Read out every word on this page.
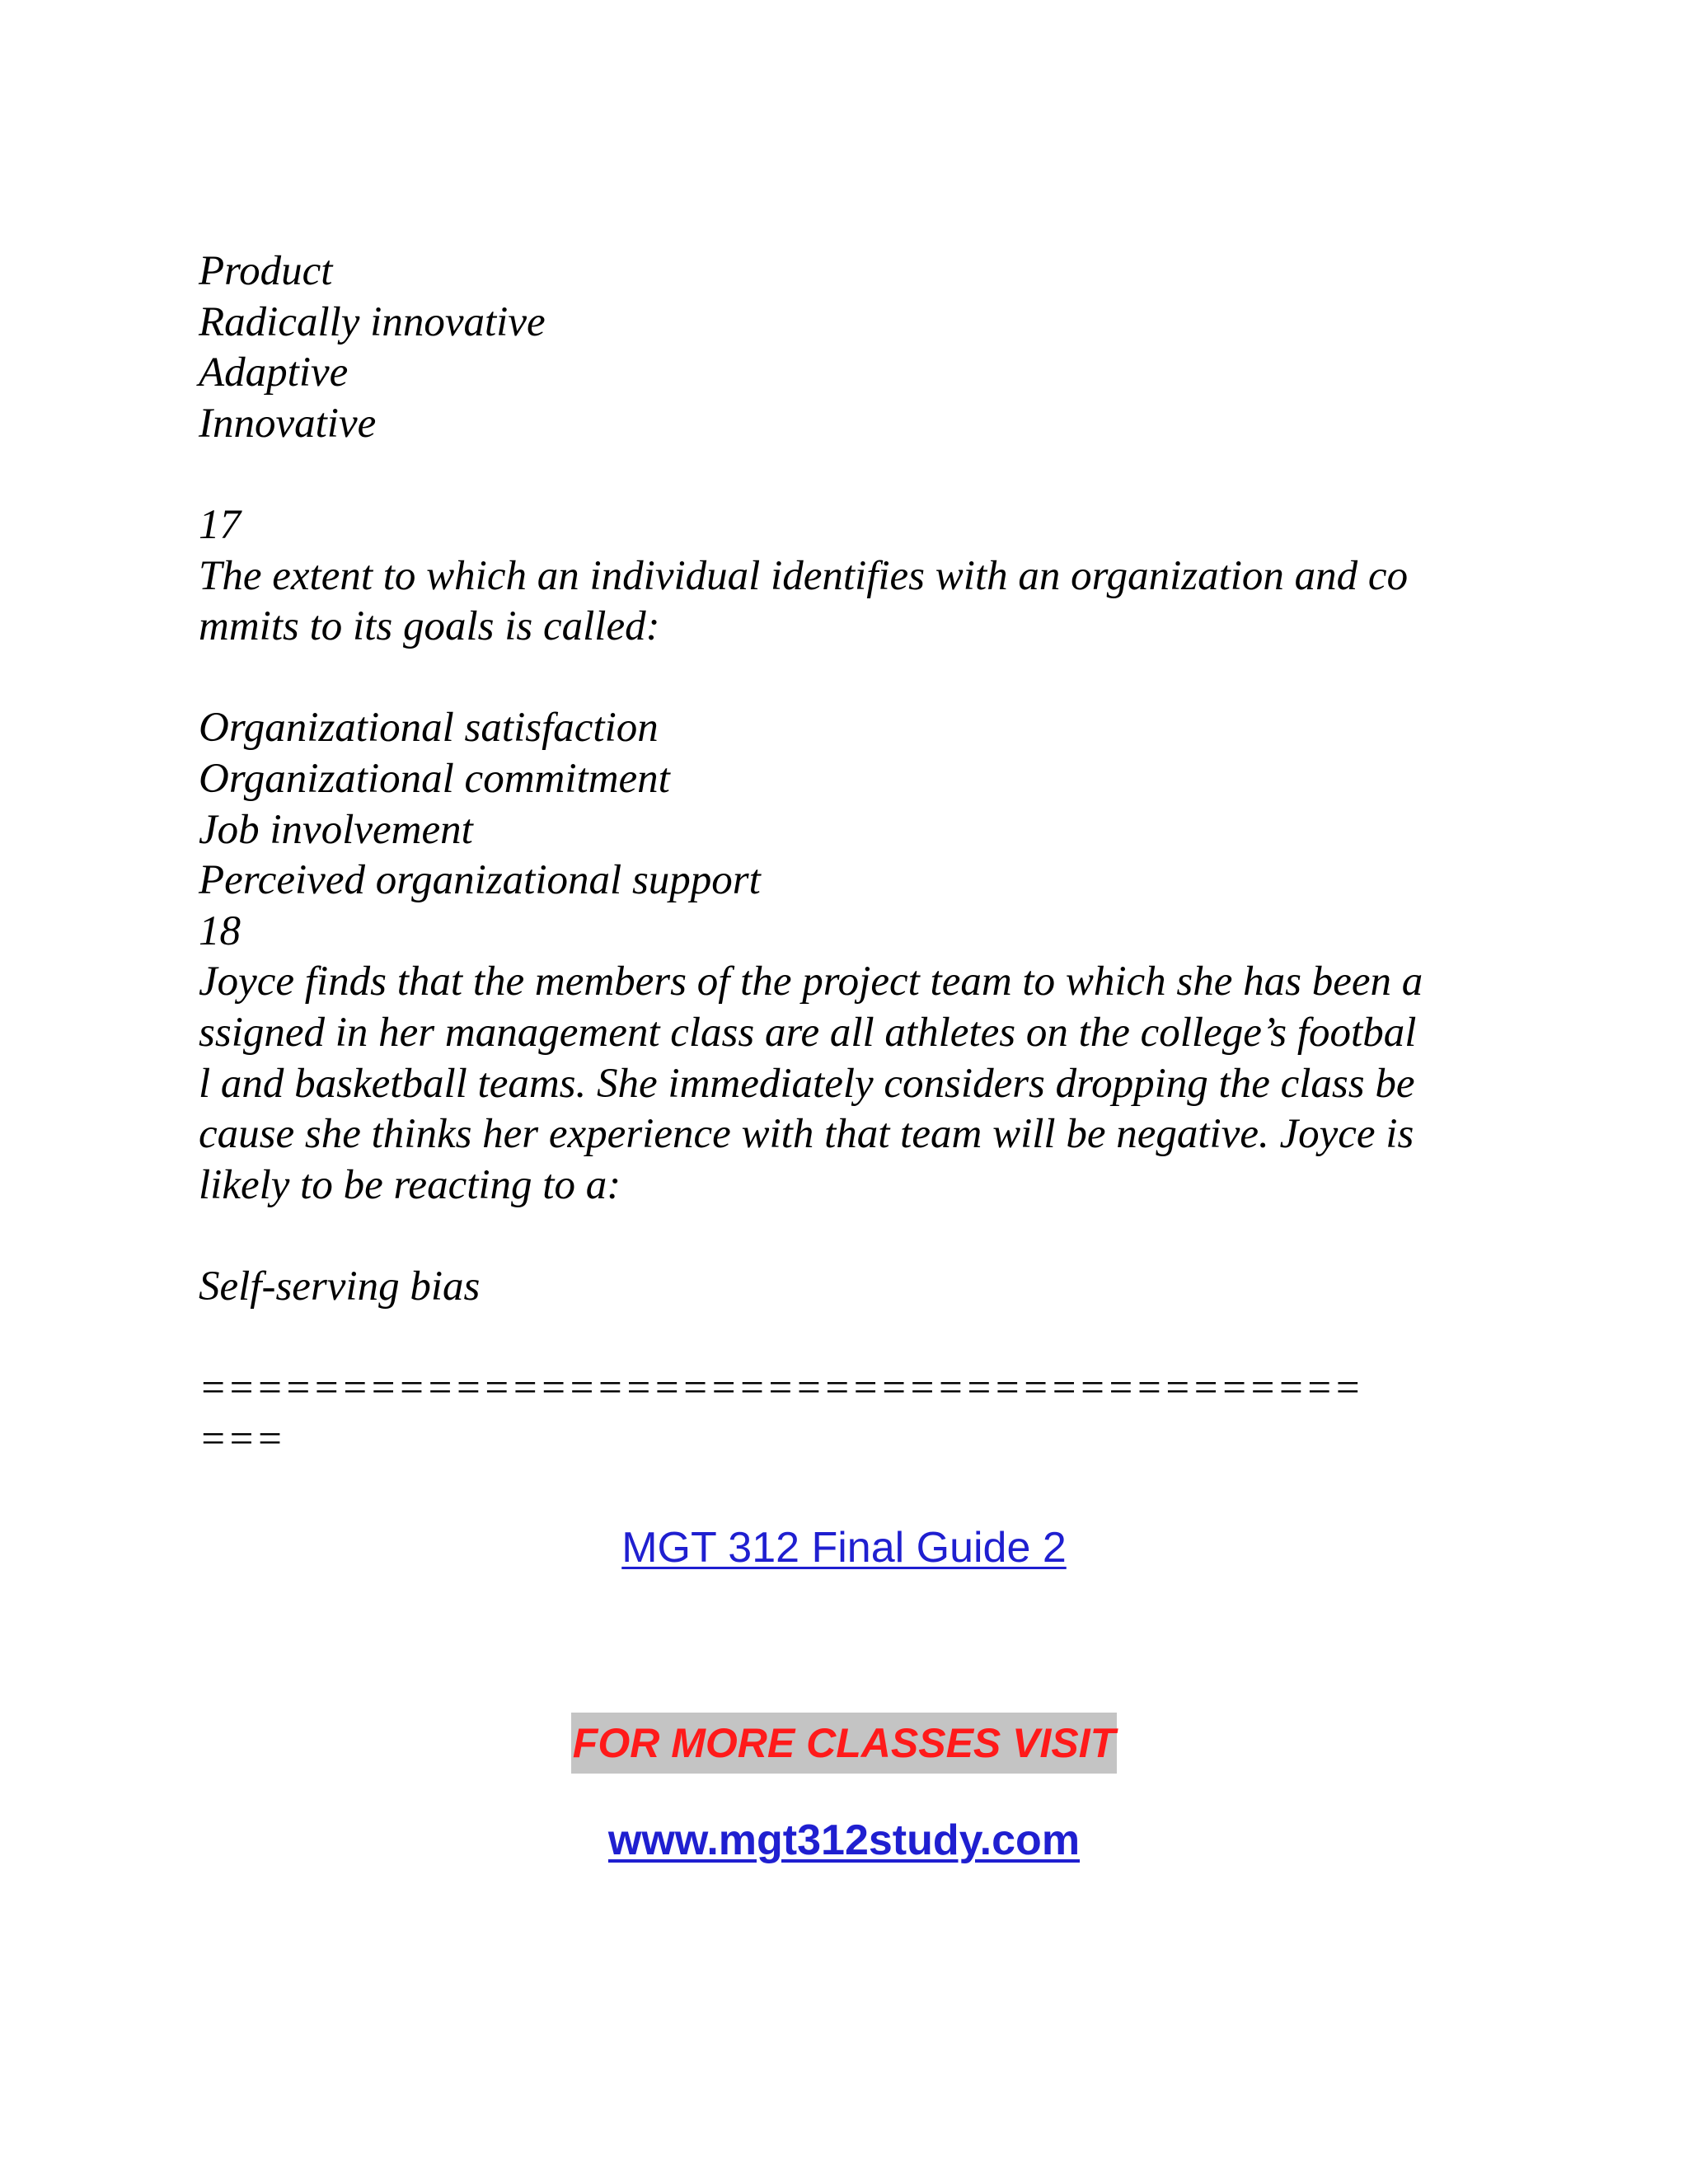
Product
Radically innovative
Adaptive
Innovative
17
The extent to which an individual identifies with an organization and co
mmits to its goals is called:
Organizational satisfaction
Organizational commitment
Job involvement
Perceived organizational support
18
Joyce finds that the members of the project team to which she has been a
ssigned in her management class are all athletes on the college’s footbal
l and basketball teams. She immediately considers dropping the class be
cause she thinks her experience with that team will be negative. Joyce is
likely to be reacting to a:
Self-serving bias
=========================================
===
MGT 312 Final Guide 2
FOR MORE CLASSES VISIT
www.mgt312study.com
